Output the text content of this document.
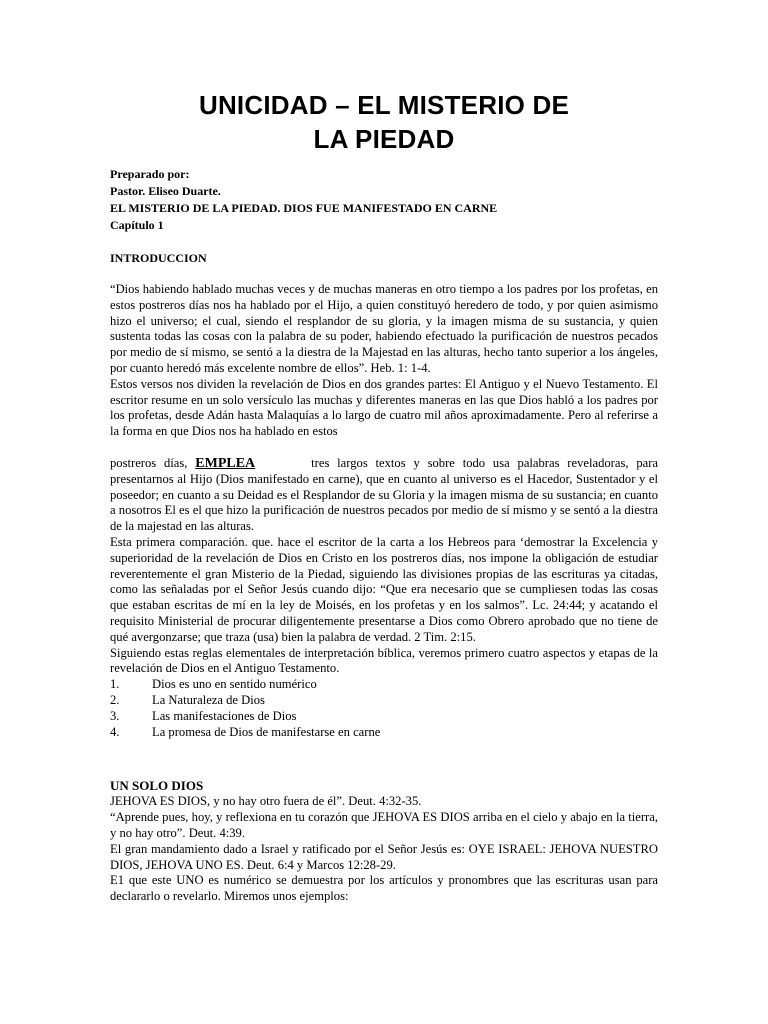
UNICIDAD – EL MISTERIO DE
LA PIEDAD
Preparado por:
Pastor. Eliseo Duarte.
EL MISTERIO DE LA PIEDAD. DIOS FUE MANIFESTADO EN CARNE
Capítulo 1
INTRODUCCION
“Dios habiendo hablado muchas veces y de muchas maneras en otro tiempo a los padres por los profetas, en estos postreros días nos ha hablado por el Hijo, a quien constituyó heredero de todo, y por quien asimismo hizo el universo; el cual, siendo el resplandor de su gloria, y la imagen misma de su sustancia, y quien sustenta todas las cosas con la palabra de su poder, habiendo efectuado la purificación de nuestros pecados por medio de sí mismo, se sentó a la diestra de la Majestad en las alturas, hecho tanto superior a los ángeles, por cuanto heredó más excelente nombre de ellos”. Heb. 1: 1-4.
Estos versos nos dividen la revelación de Dios en dos grandes partes: El Antiguo y el Nuevo Testamento. El escritor resume en un solo versículo las muchas y diferentes maneras en las que Dios habló a los padres por los profetas, desde Adán hasta Malaquías a lo largo de cuatro mil años aproximadamente. Pero al referirse a la forma en que Dios nos ha hablado en estos
postreros días, EMPLEA	tres largos textos y sobre todo usa palabras reveladoras, para presentarnos al Hijo (Dios manifestado en carne), que en cuanto al universo es el Hacedor, Sustentador y el poseedor; en cuanto a su Deidad es el Resplandor de su Gloria y la imagen misma de su sustancia; en cuanto a nosotros El es el que hizo la purificación de nuestros pecados por medio de sí mismo y se sentó a la diestra de la majestad en las alturas.
Esta primera comparación. que. hace el escritor de la carta a los Hebreos para ‘demostrar la Excelencia y superioridad de la revelación de Dios en Cristo en los postreros días, nos impone la obligación de estudiar reverentemente el gran Misterio de la Piedad, siguiendo las divisiones propias de las escrituras ya citadas, como las señaladas por el Señor Jesús cuando dijo: “Que era necesario que se cumpliesen todas las cosas que estaban escritas de mí en la ley de Moisés, en los profetas y en los salmos”. Lc. 24:44; y acatando el requisito Ministerial de procurar diligentemente presentarse a Dios como Obrero aprobado que no tiene de qué avergonzarse; que traza (usa) bien la palabra de verdad. 2 Tim. 2:15.
Siguiendo estas reglas elementales de interpretación bíblica, veremos primero cuatro aspectos y etapas de la revelación de Dios en el Antiguo Testamento.
1.	Dios es uno en sentido numérico
2.	La Naturaleza de Dios
3.	Las manifestaciones de Dios
4.	La promesa de Dios de manifestarse en carne
UN SOLO DIOS
JEHOVA ES DIOS, y no hay otro fuera de él”. Deut. 4:32-35.
“Aprende pues, hoy, y reflexiona en tu corazón que JEHOVA ES DIOS arriba en el cielo y abajo en la tierra, y no hay otro”. Deut. 4:39.
El gran mandamiento dado a Israel y ratificado por el Señor Jesús es: OYE ISRAEL: JEHOVA NUESTRO DIOS, JEHOVA UNO ES. Deut. 6:4 y Marcos 12:28-29.
E1 que este UNO es numérico se demuestra por los artículos y pronombres que las escrituras usan para declararlo o revelarlo. Miremos unos ejemplos:
